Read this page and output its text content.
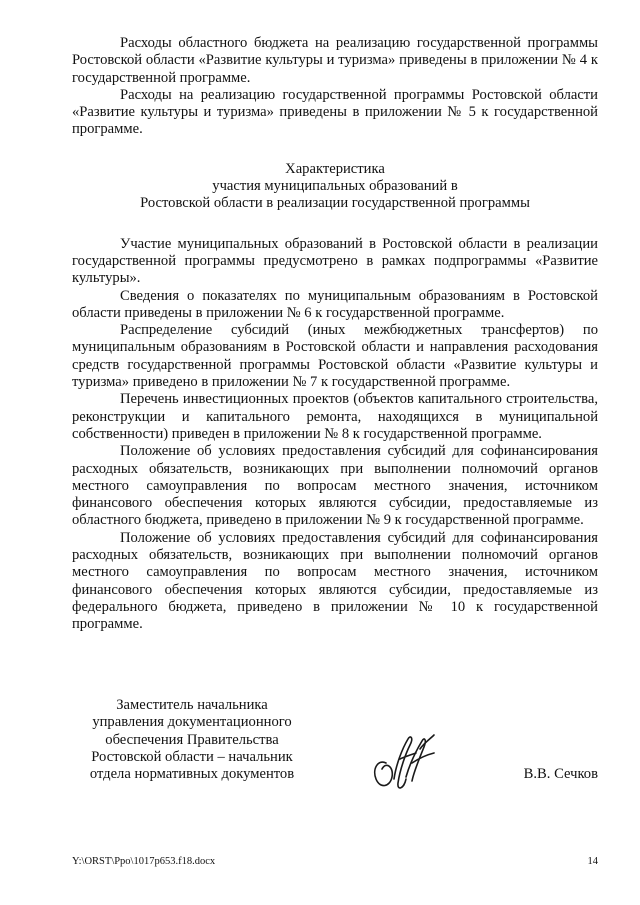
Расходы областного бюджета на реализацию государственной программы Ростовской области «Развитие культуры и туризма» приведены в приложении № 4 к государственной программе.

Расходы на реализацию государственной программы Ростовской области «Развитие культуры и туризма» приведены в приложении № 5 к государственной программе.

Характеристика
участия муниципальных образований в
Ростовской области в реализации государственной программы

Участие муниципальных образований в Ростовской области в реализации государственной программы предусмотрено в рамках подпрограммы «Развитие культуры».

Сведения о показателях по муниципальным образованиям в Ростовской области приведены в приложении № 6 к государственной программе.

Распределение субсидий (иных межбюджетных трансфертов) по муниципальным образованиям в Ростовской области и направления расходования средств государственной программы Ростовской области «Развитие культуры и туризма» приведено в приложении № 7 к государственной программе.

Перечень инвестиционных проектов (объектов капитального строительства, реконструкции и капитального ремонта, находящихся в муниципальной собственности) приведен в приложении № 8 к государственной программе.

Положение об условиях предоставления субсидий для софинансирования расходных обязательств, возникающих при выполнении полномочий органов местного самоуправления по вопросам местного значения, источником финансового обеспечения которых являются субсидии, предоставляемые из областного бюджета, приведено в приложении № 9 к государственной программе.

Положение об условиях предоставления субсидий для софинансирования расходных обязательств, возникающих при выполнении полномочий органов местного самоуправления по вопросам местного значения, источником финансового обеспечения которых являются субсидии, предоставляемые из федерального бюджета, приведено в приложении № 10 к государственной программе.

Заместитель начальника
управления документационного
обеспечения Правительства
Ростовской области – начальник
отдела нормативных документов	В.В. Сечков
Y:\ORST\Ppo\1017p653.f18.docx	14
